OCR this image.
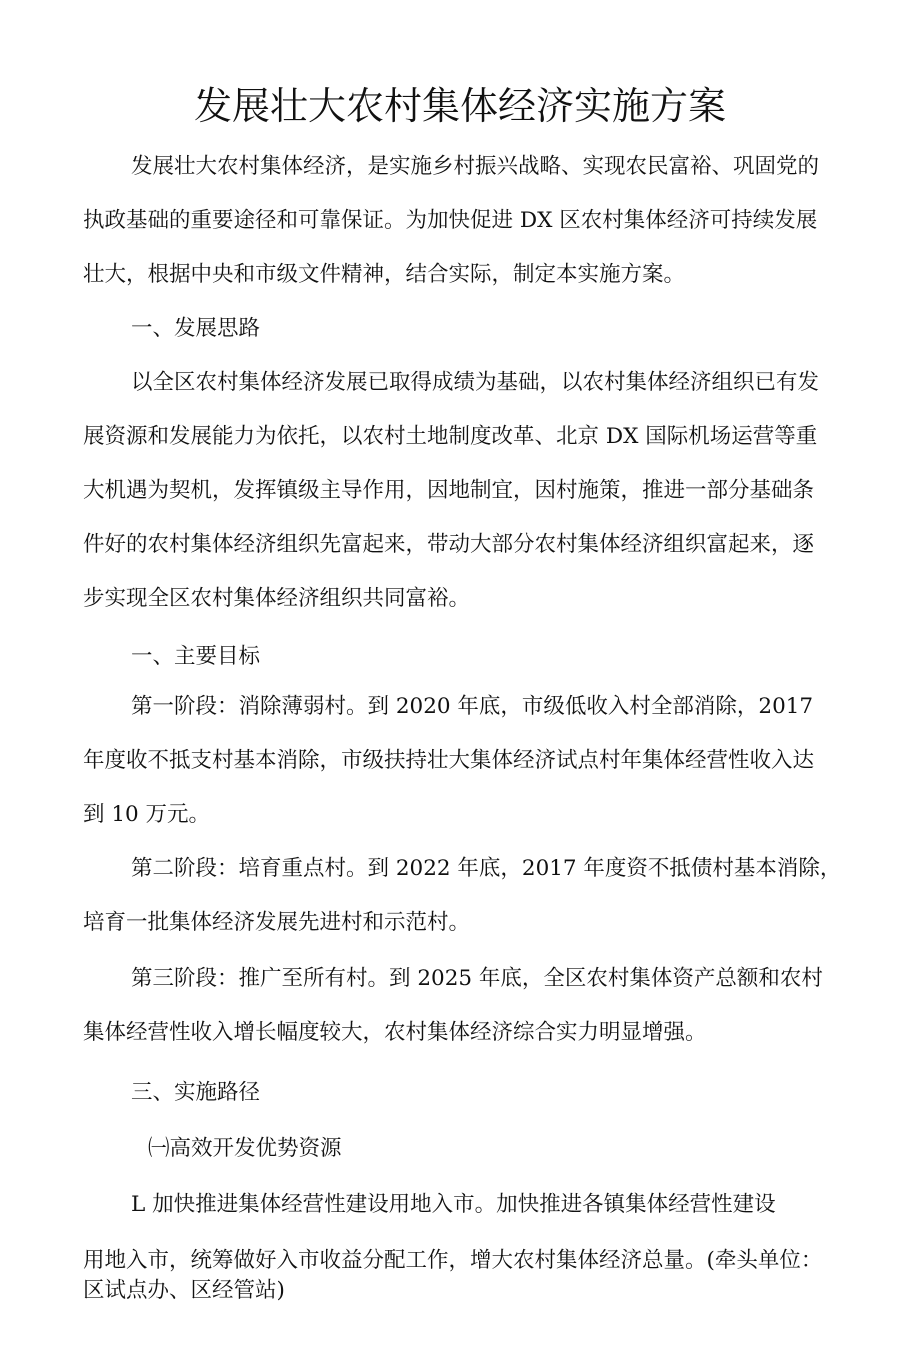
发展壮大农村集体经济实施方案
发展壮大农村集体经济，是实施乡村振兴战略、实现农民富裕、巩固党的
执政基础的重要途径和可靠保证。为加快促进 DX 区农村集体经济可持续发展
壮大，根据中央和市级文件精神，结合实际，制定本实施方案。
一、发展思路
以全区农村集体经济发展已取得成绩为基础，以农村集体经济组织已有发
展资源和发展能力为依托，以农村土地制度改革、北京 DX 国际机场运营等重
大机遇为契机，发挥镇级主导作用，因地制宜，因村施策，推进一部分基础条
件好的农村集体经济组织先富起来，带动大部分农村集体经济组织富起来，逐
步实现全区农村集体经济组织共同富裕。
一、主要目标
第一阶段：消除薄弱村。到 2020 年底，市级低收入村全部消除，2017
年度收不抵支村基本消除，市级扶持壮大集体经济试点村年集体经营性收入达
到 10 万元。
第二阶段：培育重点村。到 2022 年底，2017 年度资不抵债村基本消除，
培育一批集体经济发展先进村和示范村。
第三阶段：推广至所有村。到 2025 年底，全区农村集体资产总额和农村
集体经营性收入增长幅度较大，农村集体经济综合实力明显增强。
三、实施路径
㈠高效开发优势资源
L 加快推进集体经营性建设用地入市。加快推进各镇集体经营性建设
用地入市，统筹做好入市收益分配工作，增大农村集体经济总量。(牵头单位：
区试点办、区经管站)
